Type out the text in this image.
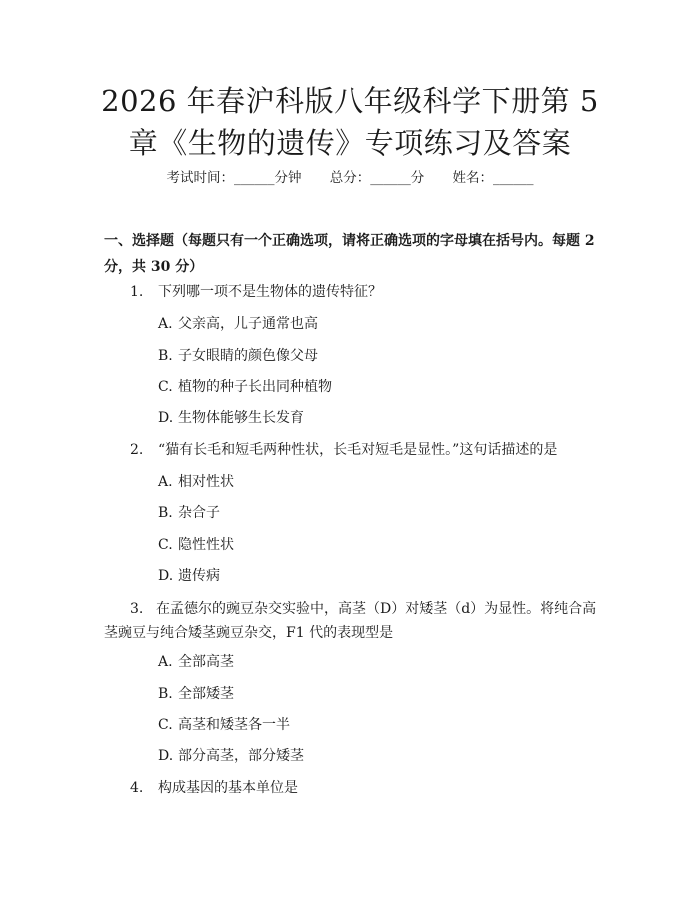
2026 年春沪科版八年级科学下册第 5 章《生物的遗传》专项练习及答案
考试时间：______分钟 总分：______分 姓名：______
一、选择题（每题只有一个正确选项，请将正确选项的字母填在括号内。每题 2 分，共 30 分）
1. 下列哪一项不是生物体的遗传特征？
A. 父亲高，儿子通常也高
B. 子女眼睛的颜色像父母
C. 植物的种子长出同种植物
D. 生物体能够生长发育
2. “猫有长毛和短毛两种性状，长毛对短毛是显性。”这句话描述的是
A. 相对性状
B. 杂合子
C. 隐性性状
D. 遗传病
3. 在孟德尔的豌豆杂交实验中，高茎（D）对矮茎（d）为显性。将纯合高茎豌豆与纯合矮茎豌豆杂交，F1 代的表现型是
A. 全部高茎
B. 全部矮茎
C. 高茎和矮茎各一半
D. 部分高茎，部分矮茎
4. 构成基因的基本单位是
